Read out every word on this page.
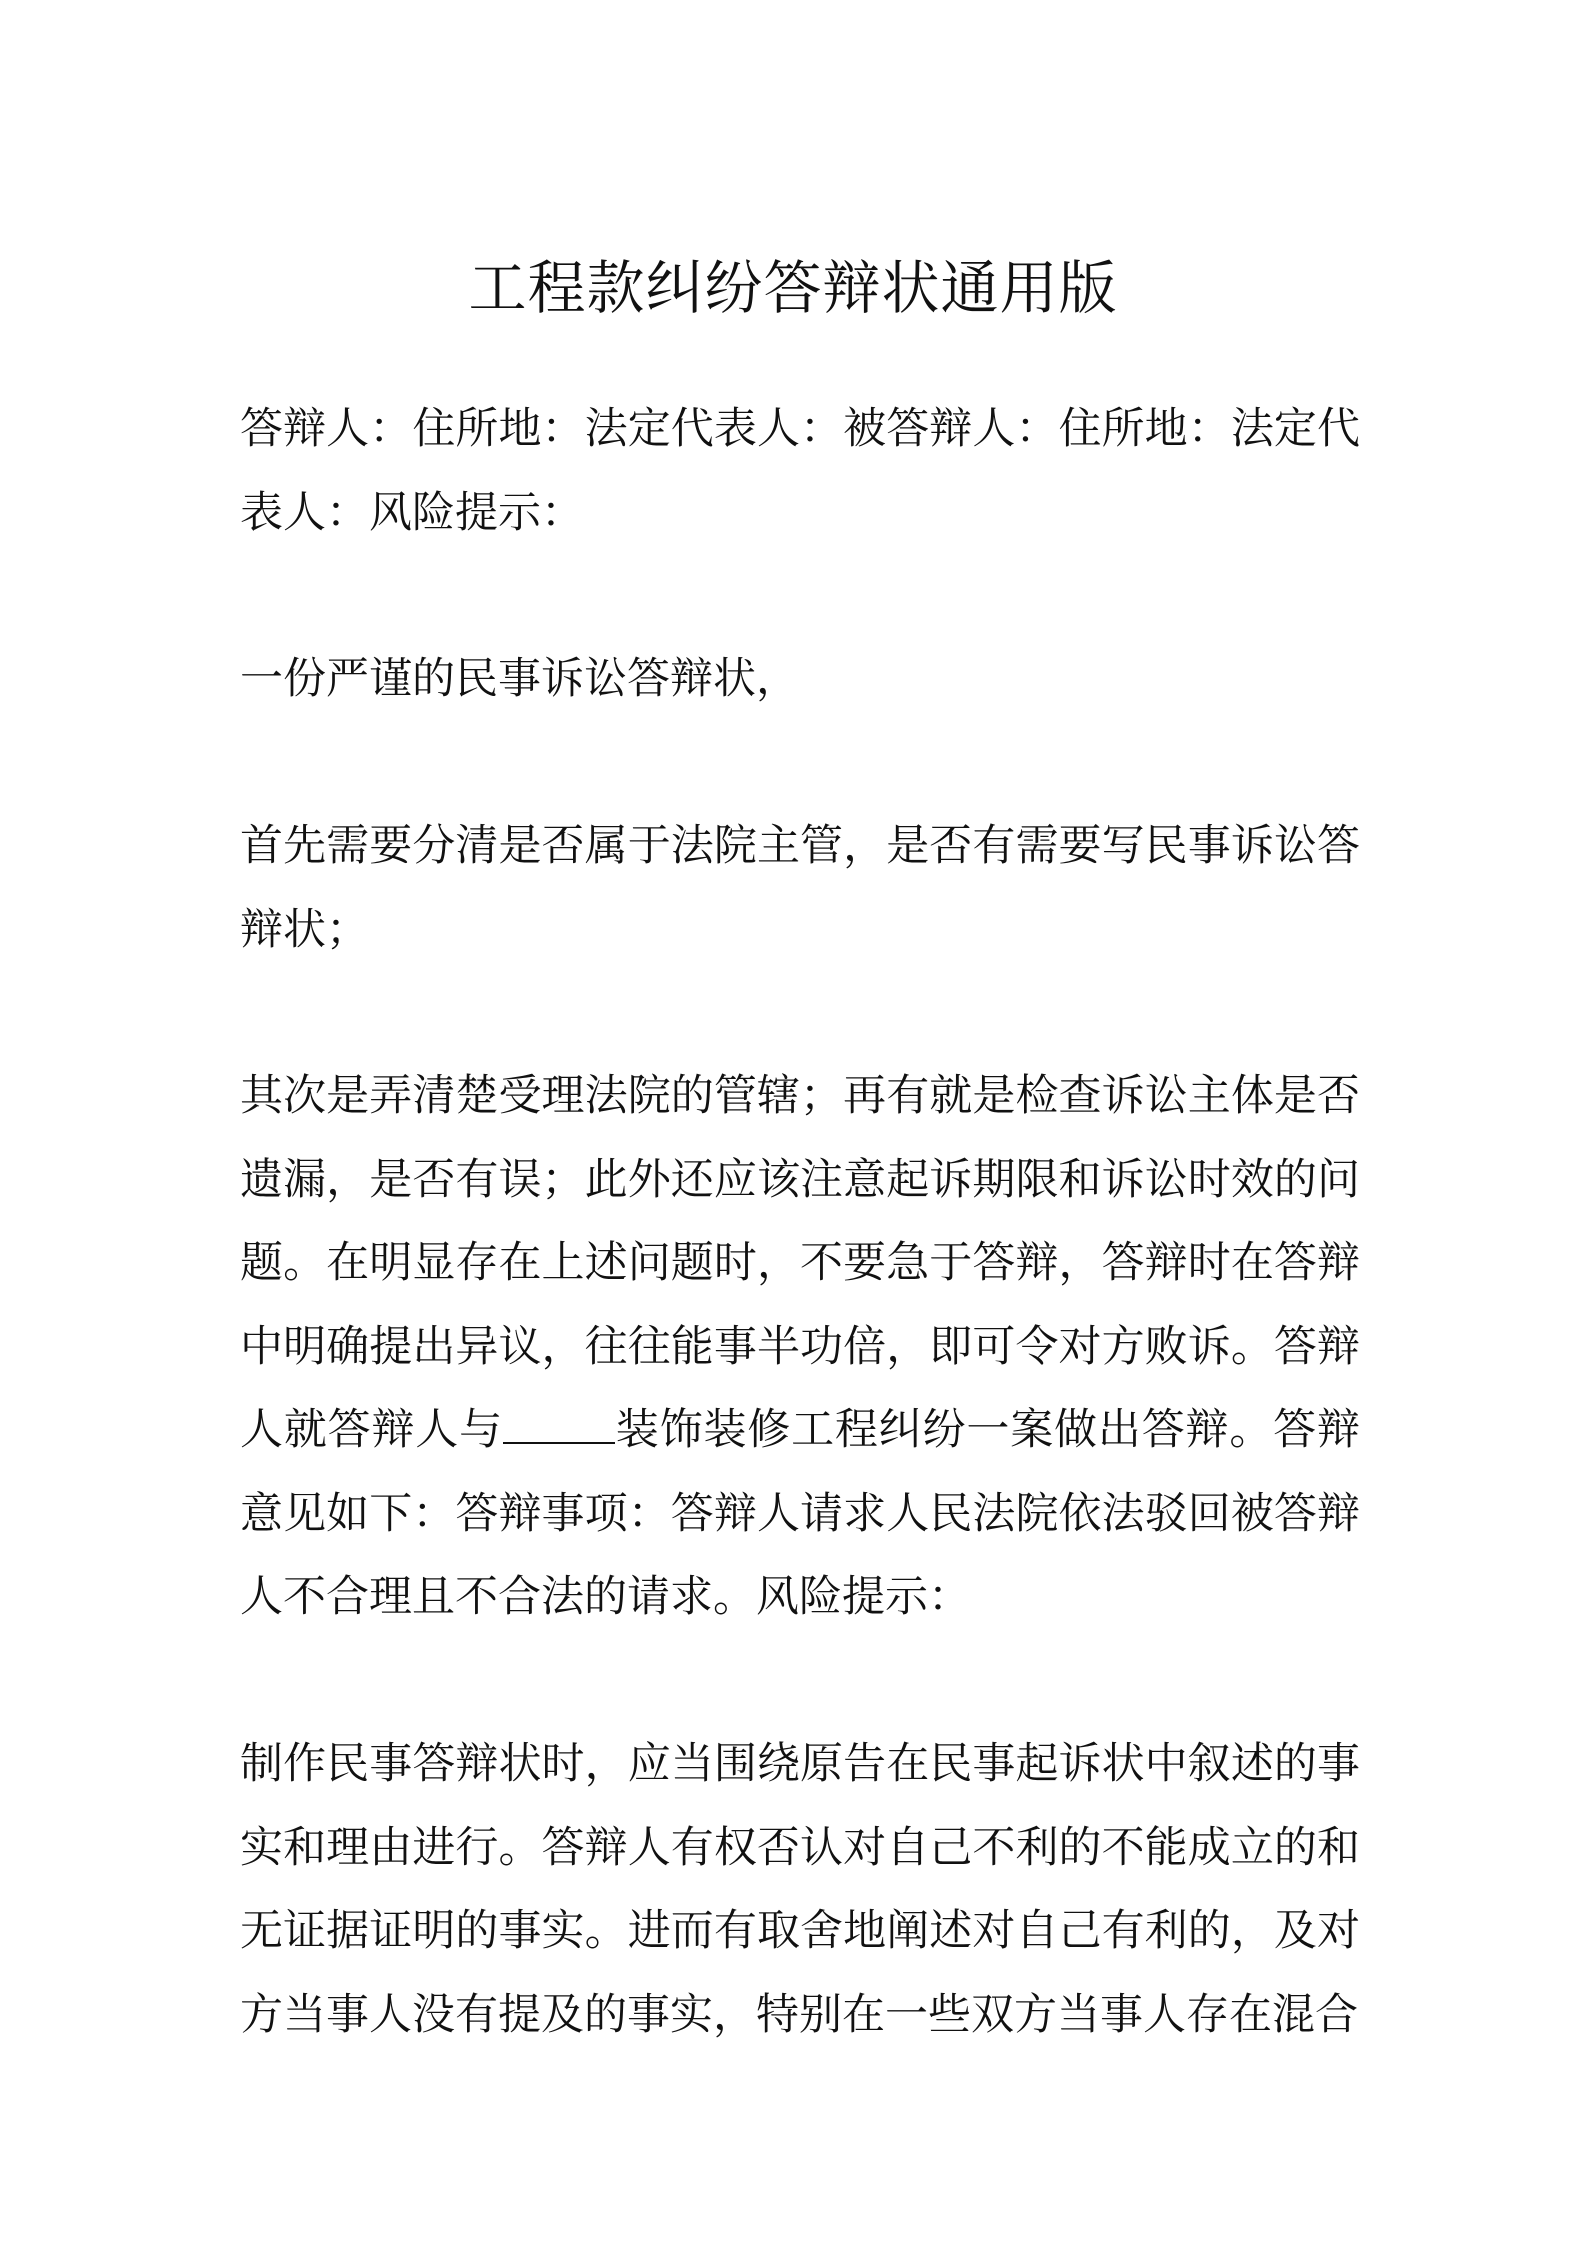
工程款纠纷答辩状通用版

答辩人：住所地：法定代表人：被答辩人：住所地：法定代表人：风险提示：

一份严谨的民事诉讼答辩状，

首先需要分清是否属于法院主管，是否有需要写民事诉讼答辩状；

其次是弄清楚受理法院的管辖；再有就是检查诉讼主体是否遗漏，是否有误；此外还应该注意起诉期限和诉讼时效的问题。在明显存在上述问题时，不要急于答辩，答辩时在答辩中明确提出异议，往往能事半功倍，即可令对方败诉。答辩人就答辩人与	装饰装修工程纠纷一案做出答辩。答辩意见如下：答辩事项：答辩人请求人民法院依法驳回被答辩人不合理且不合法的请求。风险提示：

制作民事答辩状时，应当围绕原告在民事起诉状中叙述的事实和理由进行。答辩人有权否认对自己不利的不能成立的和无证据证明的事实。进而有取舍地阐述对自己有利的，及对方当事人没有提及的事实，特别在一些双方当事人存在混合
